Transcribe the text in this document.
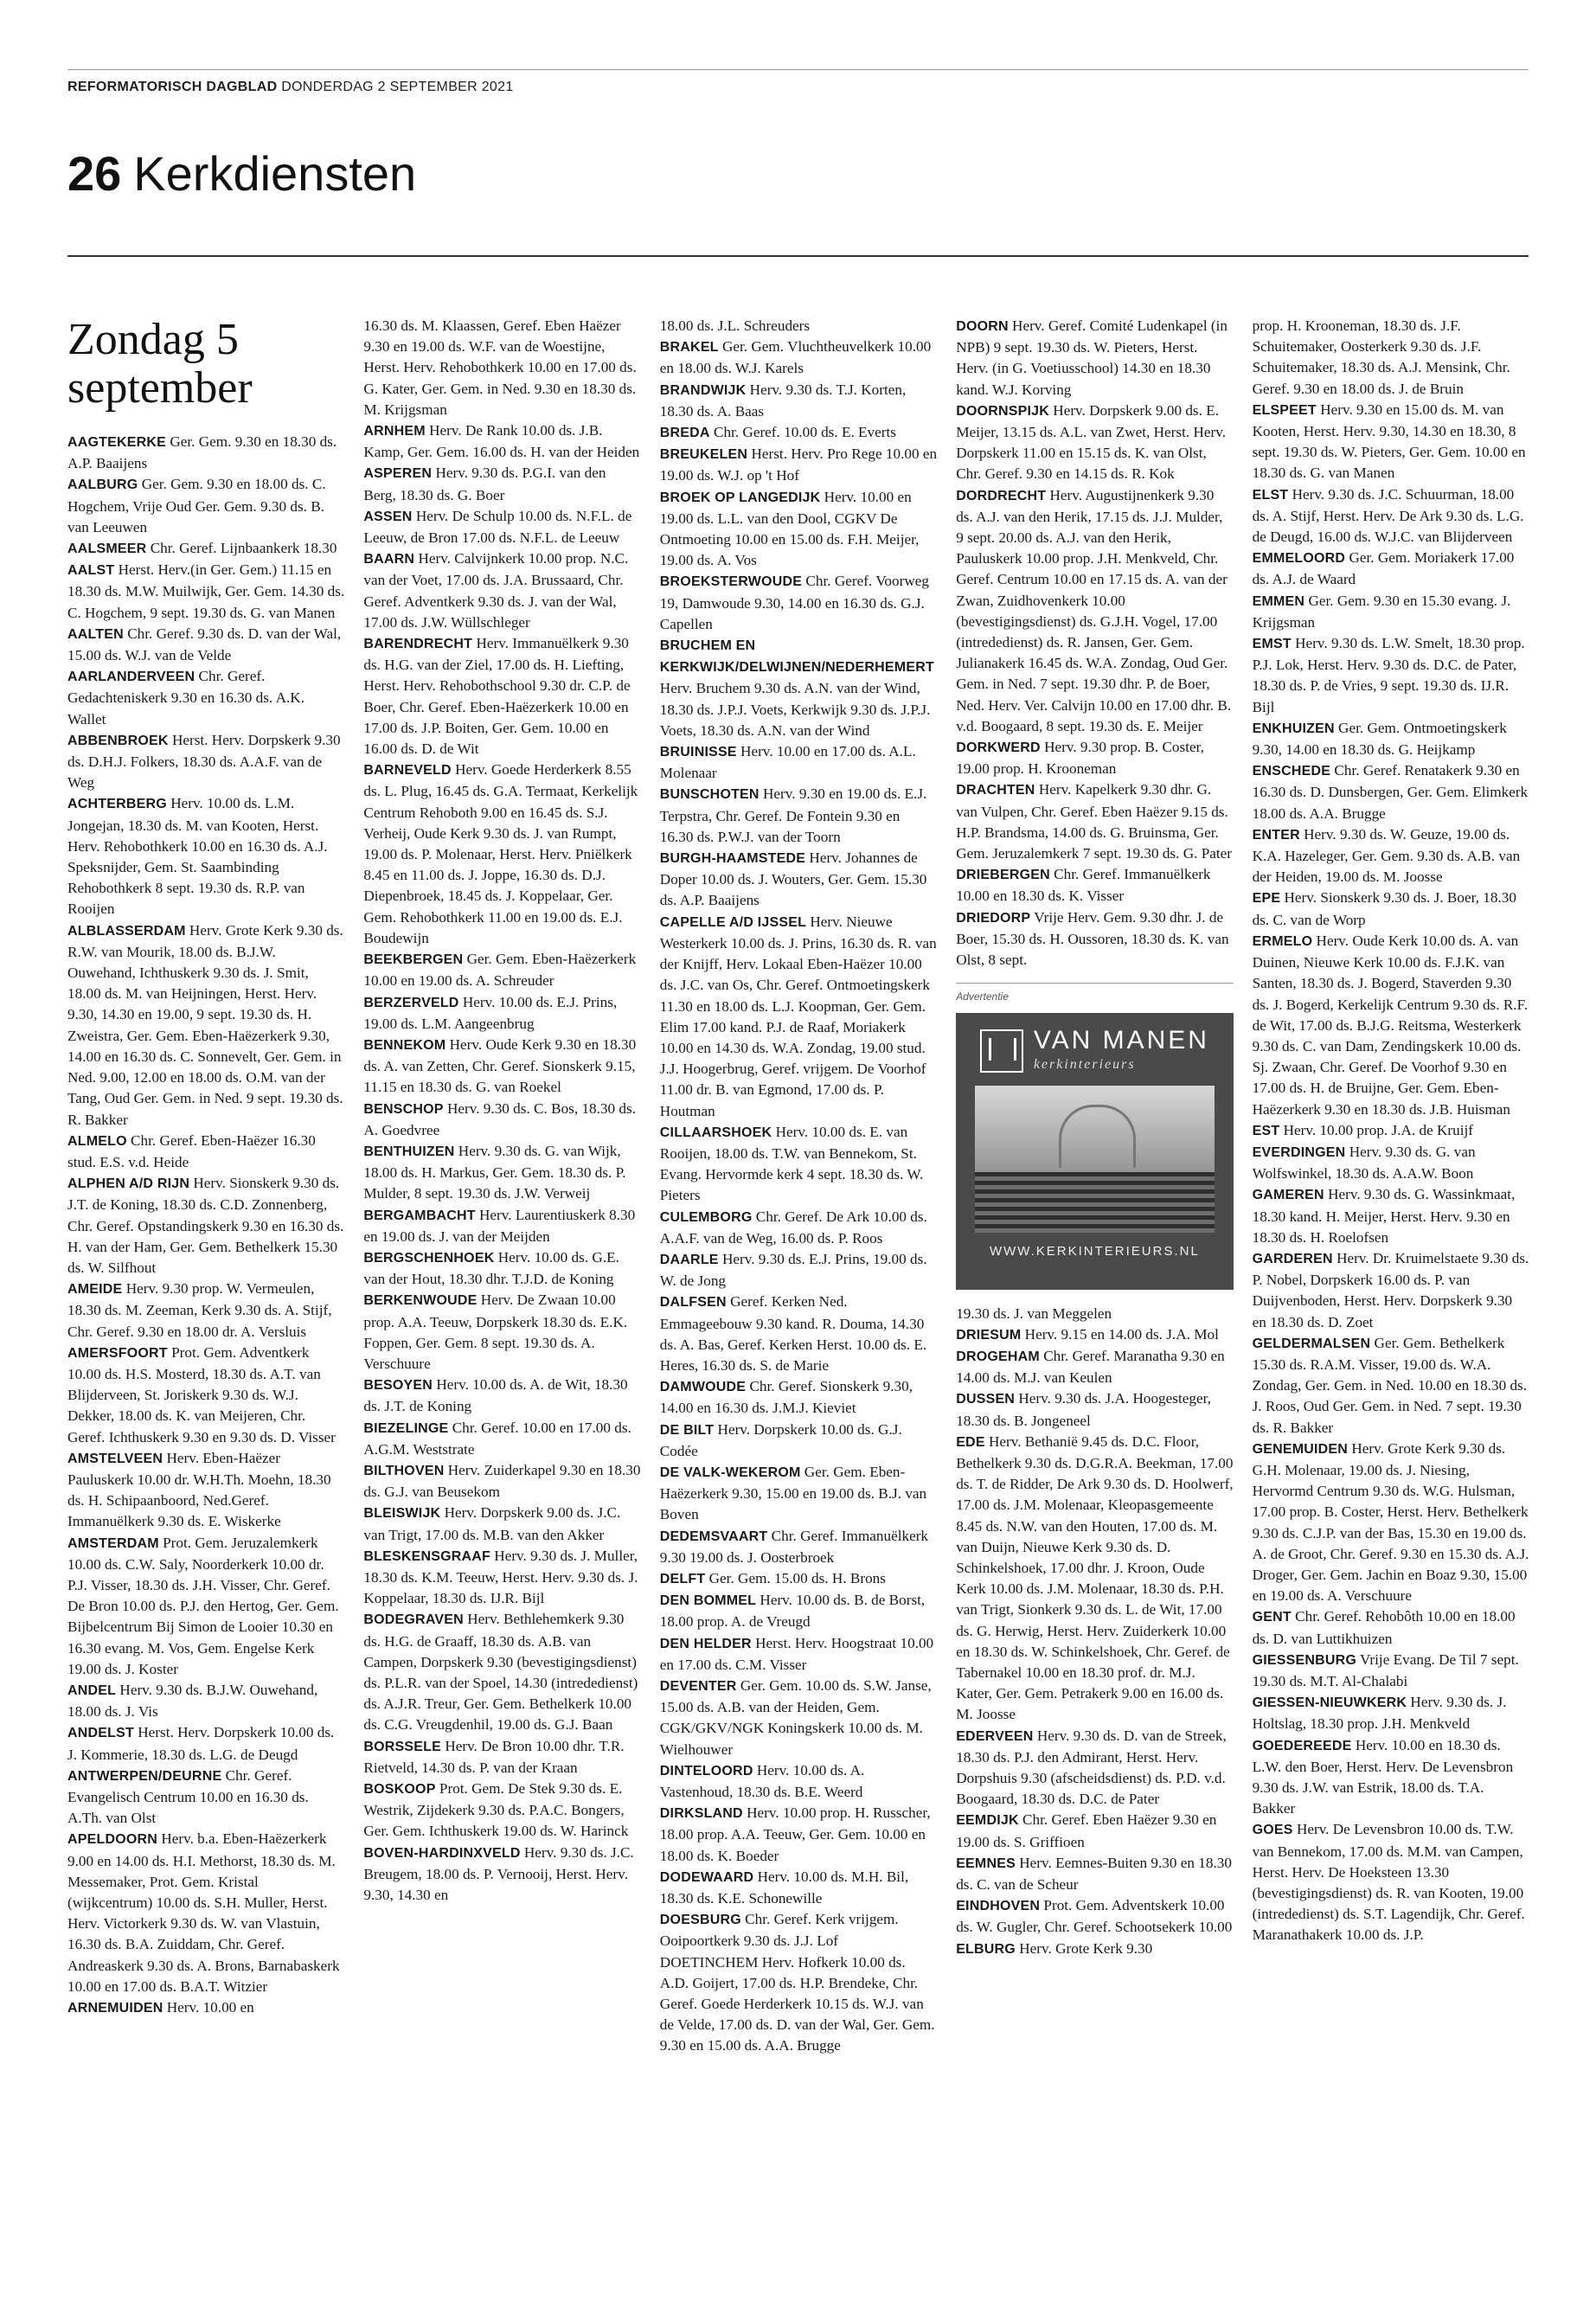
REFORMATORISCH DAGBLAD DONDERDAG 2 SEPTEMBER 2021
26 Kerkdiensten
Zondag 5 september

AAGTEKERKE Ger. Gem. 9.30 en 18.30 ds. A.P. Baaijens

AALBURG Ger. Gem. 9.30 en 18.00 ds. C. Hogchem, Vrije Oud Ger. Gem. 9.30 ds. B. van Leeuwen

AALSMEER Chr. Geref. Lijnbaankerk 18.30

AALST Herst. Herv.(in Ger. Gem.) 11.15 en 18.30 ds. M.W. Muilwijk, Ger. Gem. 14.30 ds. C. Hogchem, 9 sept. 19.30 ds. G. van Manen

AALTEN Chr. Geref. 9.30 ds. D. van der Wal, 15.00 ds. W.J. van de Velde

AARLANDERVEEN Chr. Geref. Gedachteniskerk 9.30 en 16.30 ds. A.K. Wallet

ABBENBROEK Herst. Herv. Dorpskerk 9.30 ds. D.H.J. Folkers, 18.30 ds. A.A.F. van de Weg

ACHTERBERG Herv. 10.00 ds. L.M. Jongejan, 18.30 ds. M. van Kooten, Herst. Herv. Rehobothkerk 10.00 en 16.30 ds. A.J. Speksnijder, Gem. St. Saambinding Rehobothkerk 8 sept. 19.30 ds. R.P. van Rooijen

ALBLASSERDAM Herv. Grote Kerk 9.30 ds. R.W. van Mourik, 18.00 ds. B.J.W. Ouwehand, Ichthuskerk 9.30 ds. J. Smit, 18.00 ds. M. van Heijningen, Herst. Herv. 9.30, 14.30 en 19.00, 9 sept. 19.30 ds. H. Zweistra, Ger. Gem. Eben-Haëzerkerk 9.30, 14.00 en 16.30 ds. C. Sonnevelt, Ger. Gem. in Ned. 9.00, 12.00 en 18.00 ds. O.M. van der Tang, Oud Ger. Gem. in Ned. 9 sept. 19.30 ds. R. Bakker

ALMELO Chr. Geref. Eben-Haëzer 16.30 stud. E.S. v.d. Heide

ALPHEN A/D RIJN Herv. Sionskerk 9.30 ds. J.T. de Koning, 18.30 ds. C.D. Zonnenberg, Chr. Geref. Opstandingskerk 9.30 en 16.30 ds. H. van der Ham, Ger. Gem. Bethelkerk 15.30 ds. W. Silfhout

AMEIDE Herv. 9.30 prop. W. Vermeulen, 18.30 ds. M. Zeeman, Kerk 9.30 ds. A. Stijf, Chr. Geref. 9.30 en 18.00 dr. A. Versluis

AMERSFOORT Prot. Gem. Adventkerk 10.00 ds. H.S. Mosterd, 18.30 ds. A.T. van Blijderveen, St. Joriskerk 9.30 ds. W.J. Dekker, 18.00 ds. K. van Meijeren, Chr. Geref. Ichthuskerk 9.30 en 9.30 ds. D. Visser

AMSTELVEEN Herv. Eben-Haëzer Pauluskerk 10.00 dr. W.H.Th. Moehn, 18.30 ds. H. Schipaanboord, Ned.Geref. Immanuëlkerk 9.30 ds. E. Wiskerke

AMSTERDAM Prot. Gem. Jeruzalemkerk 10.00 ds. C.W. Saly, Noorderkerk 10.00 dr. P.J. Visser, 18.30 ds. J.H. Visser, Chr. Geref. De Bron 10.00 ds. P.J. den Hertog, Ger. Gem. Bijbelcentrum Bij Simon de Looier 10.30 en 16.30 evang. M. Vos, Gem. Engelse Kerk 19.00 ds. J. Koster

ANDEL Herv. 9.30 ds. B.J.W. Ouwehand, 18.00 ds. J. Vis

ANDELST Herst. Herv. Dorpskerk 10.00 ds. J. Kommerie, 18.30 ds. L.G. de Deugd

ANTWERPEN/DEURNE Chr. Geref. Evangelisch Centrum 10.00 en 16.30 ds. A.Th. van Olst

APELDOORN Herv. b.a. Eben-Haëzerkerk 9.00 en 14.00 ds. H.I. Methorst, 18.30 ds. M. Messemaker, Prot. Gem. Kristal (wijkcentrum) 10.00 ds. S.H. Muller, Herst. Herv. Victorkerk 9.30 ds. W. van Vlastuin, 16.30 ds. B.A. Zuiddam, Chr. Geref. Andreaskerk 9.30 ds. A. Brons, Barnabaskerk 10.00 en 17.00 ds. B.A.T. Witzier

ARNEMUIDEN Herv. 10.00 en

16.30 ds. M. Klaassen, Geref. Eben Haëzer 9.30 en 19.00 ds. W.F. van de Woestijne, Herst. Herv. Rehobothkerk 10.00 en 17.00 ds. G. Kater, Ger. Gem. in Ned. 9.30 en 18.30 ds. M. Krijgsman

ARNHEM Herv. De Rank 10.00 ds. J.B. Kamp, Ger. Gem. 16.00 ds. H. van der Heiden

ASPEREN Herv. 9.30 ds. P.G.I. van den Berg, 18.30 ds. G. Boer

ASSEN Herv. De Schulp 10.00 ds. N.F.L. de Leeuw, de Bron 17.00 ds. N.F.L. de Leeuw

BAARN Herv. Calvijnkerk 10.00 prop. N.C. van der Voet, 17.00 ds. J.A. Brussaard, Chr. Geref. Adventkerk 9.30 ds. J. van der Wal, 17.00 ds. J.W. Wüllschleger

BARENDRECHT Herv. Immanuëlkerk 9.30 ds. H.G. van der Ziel, 17.00 ds. H. Liefting, Herst. Herv. Rehobothschool 9.30 dr. C.P. de Boer, Chr. Geref. Eben-Haëzerkerk 10.00 en 17.00 ds. J.P. Boiten, Ger. Gem. 10.00 en 16.00 ds. D. de Wit

BARNEVELD Herv. Goede Herderkerk 8.55 ds. L. Plug, 16.45 ds. G.A. Termaat, Kerkelijk Centrum Rehoboth 9.00 en 16.45 ds. S.J. Verheij, Oude Kerk 9.30 ds. J. van Rumpt, 19.00 ds. P. Molenaar, Herst. Herv. Pniëlkerk 8.45 en 11.00 ds. J. Joppe, 16.30 ds. D.J. Diepenbroek, 18.45 ds. J. Koppelaar, Ger. Gem. Rehobothkerk 11.00 en 19.00 ds. E.J. Boudewijn

BEEKBERGEN Ger. Gem. Eben-Haëzerkerk 10.00 en 19.00 ds. A. Schreuder

BERZERVELD Herv. 10.00 ds. E.J. Prins, 19.00 ds. L.M. Aangeenbrug

BENNEKOM Herv. Oude Kerk 9.30 en 18.30 ds. A. van Zetten, Chr. Geref. Sionskerk 9.15, 11.15 en 18.30 ds. G. van Roekel

BENSCHOP Herv. 9.30 ds. C. Bos, 18.30 ds. A. Goedvree

BENTHUIZEN Herv. 9.30 ds. G. van Wijk, 18.00 ds. H. Markus, Ger. Gem. 18.30 ds. P. Mulder, 8 sept. 19.30 ds. J.W. Verweij

BERGAMBACHT Herv. Laurentiuskerk 8.30 en 19.00 ds. J. van der Meijden

BERGSCHENHOEK Herv. 10.00 ds. G.E. van der Hout, 18.30 dhr. T.J.D. de Koning

BERKENWOUDE Herv. De Zwaan 10.00 prop. A.A. Teeuw, Dorpskerk 18.30 ds. E.K. Foppen, Ger. Gem. 8 sept. 19.30 ds. A. Verschuure

BESOYEN Herv. 10.00 ds. A. de Wit, 18.30 ds. J.T. de Koning

BIEZELINGE Chr. Geref. 10.00 en 17.00 ds. A.G.M. Weststrate

BILTHOVEN Herv. Zuiderkapel 9.30 en 18.30 ds. G.J. van Beusekom

BLEISWIJK Herv. Dorpskerk 9.00 ds. J.C. van Trigt, 17.00 ds. M.B. van den Akker

BLESKENSGRAAF Herv. 9.30 ds. J. Muller, 18.30 ds. K.M. Teeuw, Herst. Herv. 9.30 ds. J. Koppelaar, 18.30 ds. IJ.R. Bijl

BODEGRAVEN Herv. Bethlehemkerk 9.30 ds. H.G. de Graaff, 18.30 ds. A.B. van Campen, Dorpskerk 9.30 (bevestigingsdienst) ds. P.L.R. van der Spoel, 14.30 (intrededienst) ds. A.J.R. Treur, Ger. Gem. Bethelkerk 10.00 ds. C.G. Vreugdenhil, 19.00 ds. G.J. Baan

BORSSELE Herv. De Bron 10.00 dhr. T.R. Rietveld, 14.30 ds. P. van der Kraan

BOSKOOP Prot. Gem. De Stek 9.30 ds. E. Westrik, Zijdekerk 9.30 ds. P.A.C. Bongers, Ger. Gem. Ichthuskerk 19.00 ds. W. Harinck

BOVEN-HARDINXVELD Herv. 9.30 ds. J.C. Breugem, 18.00 ds. P. Vernooij, Herst. Herv. 9.30, 14.30 en

18.00 ds. J.L. Schreuders

BRAKEL Ger. Gem. Vluchtheuvelkerk 10.00 en 18.00 ds. W.J. Karels

BRANDWIJK Herv. 9.30 ds. T.J. Korten, 18.30 ds. A. Baas

BREDA Chr. Geref. 10.00 ds. E. Everts

BREUKELEN Herst. Herv. Pro Rege 10.00 en 19.00 ds. W.J. op 't Hof

BROEK OP LANGEDIJK Herv. 10.00 en 19.00 ds. L.L. van den Dool, CGKV De Ontmoeting 10.00 en 15.00 ds. F.H. Meijer, 19.00 ds. A. Vos

BROEKSTERWOUDE Chr. Geref. Voorweg 19, Damwoude 9.30, 14.00 en 16.30 ds. G.J. Capellen

BRUCHEM EN KERKWIJK/DELWIJNEN/NEDERHEMERT Herv. Bruchem 9.30 ds. A.N. van der Wind, 18.30 ds. J.P.J. Voets, Kerkwijk 9.30 ds. J.P.J. Voets, 18.30 ds. A.N. van der Wind

BRUINISSE Herv. 10.00 en 17.00 ds. A.L. Molenaar

BUNSCHOTEN Herv. 9.30 en 19.00 ds. E.J. Terpstra, Chr. Geref. De Fontein 9.30 en 16.30 ds. P.W.J. van der Toorn

BURGH-HAAMSTEDE Herv. Johannes de Doper 10.00 ds. J. Wouters, Ger. Gem. 15.30 ds. A.P. Baaijens

CAPELLE A/D IJSSEL Herv. Nieuwe Westerkerk 10.00 ds. J. Prins, 16.30 ds. R. van der Knijff, Herv. Lokaal Eben-Haëzer 10.00 ds. J.C. van Os, Chr. Geref. Ontmoetingskerk 11.30 en 18.00 ds. L.J. Koopman, Ger. Gem. Elim 17.00 kand. P.J. de Raaf, Moriakerk 10.00 en 14.30 ds. W.A. Zondag, 19.00 stud. J.J. Hoogerbrug, Geref. vrijgem. De Voorhof 11.00 dr. B. van Egmond, 17.00 ds. P. Houtman

CILLAARSHOEK Herv. 10.00 ds. E. van Rooijen, 18.00 ds. T.W. van Bennekom, St. Evang. Hervormde kerk 4 sept. 18.30 ds. W. Pieters

CULEMBORG Chr. Geref. De Ark 10.00 ds. A.A.F. van de Weg, 16.00 ds. P. Roos

DAARLE Herv. 9.30 ds. E.J. Prins, 19.00 ds. W. de Jong

DALFSEN Geref. Kerken Ned. Emmageebouw 9.30 kand. R. Douma, 14.30 ds. A. Bas, Geref. Kerken Herst. 10.00 ds. E. Heres, 16.30 ds. S. de Marie

DAMWOUDE Chr. Geref. Sionskerk 9.30, 14.00 en 16.30 ds. J.M.J. Kieviet

DE BILT Herv. Dorpskerk 10.00 ds. G.J. Codée

DE VALK-WEKEROM Ger. Gem. Eben-Haëzerkerk 9.30, 15.00 en 19.00 ds. B.J. van Boven

DEDEMSVAART Chr. Geref. Immanuëlkerk 9.30 19.00 ds. J. Oosterbroek

DELFT Ger. Gem. 15.00 ds. H. Brons

DEN BOMMEL Herv. 10.00 ds. B. de Borst, 18.00 prop. A. de Vreugd

DEN HELDER Herst. Herv. Hoogstraat 10.00 en 17.00 ds. C.M. Visser

DEVENTER Ger. Gem. 10.00 ds. S.W. Janse, 15.00 ds. A.B. van der Heiden, Gem. CGK/GKV/NGK Koningskerk 10.00 ds. M. Wielhouwer

DINTELOORD Herv. 10.00 ds. A. Vastenhoud, 18.30 ds. B.E. Weerd

DIRKSLAND Herv. 10.00 prop. H. Russcher, 18.00 prop. A.A. Teeuw, Ger. Gem. 10.00 en 18.00 ds. K. Boeder

DODEWAARD Herv. 10.00 ds. M.H. Bil, 18.30 ds. K.E. Schonewille

DOESBURG Chr. Geref. Kerk vrijgem. Ooipoortkerk 9.30 ds. J.J. Lof DOETINCHEM Herv. Hofkerk 10.00 ds. A.D. Goijert, 17.00 ds. H.P. Brendeke, Chr. Geref. Goede Herderkerk 10.15 ds. W.J. van de Velde, 17.00 ds. D. van der Wal, Ger. Gem. 9.30 en 15.00 ds. A.A. Brugge

DOORN Herv. Geref. Comité Ludenkapel (in NPB) 9 sept. 19.30 ds. W. Pieters, Herst. Herv. (in G. Voetiusschool) 14.30 en 18.30 kand. W.J. Korving

DOORNSPIJK Herv. Dorpskerk 9.00 ds. E. Meijer, 13.15 ds. A.L. van Zwet, Herst. Herv. Dorpskerk 11.00 en 15.15 ds. K. van Olst, Chr. Geref. 9.30 en 14.15 ds. R. Kok

DORDRECHT Herv. Augustijnenkerk 9.30 ds. A.J. van den Herik, 17.15 ds. J.J. Mulder, 9 sept. 20.00 ds. A.J. van den Herik, Pauluskerk 10.00 prop. J.H. Menkveld, Chr. Geref. Centrum 10.00 en 17.15 ds. A. van der Zwan, Zuidhovenkerk 10.00 (bevestigingsdienst) ds. G.J.H. Vogel, 17.00 (intrededienst) ds. R. Jansen, Ger. Gem. Julianakerk 16.45 ds. W.A. Zondag, Oud Ger. Gem. in Ned. 7 sept. 19.30 dhr. P. de Boer, Ned. Herv. Ver. Calvijn 10.00 en 17.00 dhr. B. v.d. Boogaard, 8 sept. 19.30 ds. E. Meijer

DORKWERD Herv. 9.30 prop. B. Coster, 19.00 prop. H. Krooneman

DRACHTEN Herv. Kapelkerk 9.30 dhr. G. van Vulpen, Chr. Geref. Eben Haëzer 9.15 ds. H.P. Brandsma, 14.00 ds. G. Bruinsma, Ger. Gem. Jeruzalemkerk 7 sept. 19.30 ds. G. Pater

DRIEBERGEN Chr. Geref. Immanuëlkerk 10.00 en 18.30 ds. K. Visser

DRIEDORP Vrije Herv. Gem. 9.30 dhr. J. de Boer, 15.30 ds. H. Oussoren, 18.30 ds. K. van Olst, 8 sept.

Advertentie
VAN MANEN
kerkinterieurs
WWW.KERKINTERIEURS.NL

19.30 ds. J. van Meggelen

DRIESUM Herv. 9.15 en 14.00 ds. J.A. Mol

DROGEHAM Chr. Geref. Maranatha 9.30 en 14.00 ds. M.J. van Keulen

DUSSEN Herv. 9.30 ds. J.A. Hoogesteger, 18.30 ds. B. Jongeneel

EDE Herv. Bethanië 9.45 ds. D.C. Floor, Bethelkerk 9.30 ds. D.G.R.A. Beekman, 17.00 ds. T. de Ridder, De Ark 9.30 ds. D. Hoolwerf, 17.00 ds. J.M. Molenaar, Kleopasgemeente 8.45 ds. N.W. van den Houten, 17.00 ds. M. van Duijn, Nieuwe Kerk 9.30 ds. D. Schinkelshoek, 17.00 dhr. J. Kroon, Oude Kerk 10.00 ds. J.M. Molenaar, 18.30 ds. P.H. van Trigt, Sionkerk 9.30 ds. L. de Wit, 17.00 ds. G. Herwig, Herst. Herv. Zuiderkerk 10.00 en 18.30 ds. W. Schinkelshoek, Chr. Geref. de Tabernakel 10.00 en 18.30 prof. dr. M.J. Kater, Ger. Gem. Petrakerk 9.00 en 16.00 ds. M. Joosse

EDERVEEN Herv. 9.30 ds. D. van de Streek, 18.30 ds. P.J. den Admirant, Herst. Herv. Dorpshuis 9.30 (afscheidsdienst) ds. P.D. v.d. Boogaard, 18.30 ds. D.C. de Pater

EEMDIJK Chr. Geref. Eben Haëzer 9.30 en 19.00 ds. S. Griffioen

EEMNES Herv. Eemnes-Buiten 9.30 en 18.30 ds. C. van de Scheur

EINDHOVEN Prot. Gem. Adventskerk 10.00 ds. W. Gugler, Chr. Geref. Schootsekerk 10.00

ELBURG Herv. Grote Kerk 9.30

prop. H. Krooneman, 18.30 ds. J.F. Schuitemaker, Oosterkerk 9.30 ds. J.F. Schuitemaker, 18.30 ds. A.J. Mensink, Chr. Geref. 9.30 en 18.00 ds. J. de Bruin

ELSPEET Herv. 9.30 en 15.00 ds. M. van Kooten, Herst. Herv. 9.30, 14.30 en 18.30, 8 sept. 19.30 ds. W. Pieters, Ger. Gem. 10.00 en 18.30 ds. G. van Manen

ELST Herv. 9.30 ds. J.C. Schuurman, 18.00 ds. A. Stijf, Herst. Herv. De Ark 9.30 ds. L.G. de Deugd, 16.00 ds. W.J.C. van Blijderveen

EMMELOORD Ger. Gem. Moriakerk 17.00 ds. A.J. de Waard

EMMEN Ger. Gem. 9.30 en 15.30 evang. J. Krijgsman

EMST Herv. 9.30 ds. L.W. Smelt, 18.30 prop. P.J. Lok, Herst. Herv. 9.30 ds. D.C. de Pater, 18.30 ds. P. de Vries, 9 sept. 19.30 ds. IJ.R. Bijl

ENKHUIZEN Ger. Gem. Ontmoetingskerk 9.30, 14.00 en 18.30 ds. G. Heijkamp

ENSCHEDE Chr. Geref. Renatakerk 9.30 en 16.30 ds. D. Dunsbergen, Ger. Gem. Elimkerk 18.00 ds. A.A. Brugge

ENTER Herv. 9.30 ds. W. Geuze, 19.00 ds. K.A. Hazeleger, Ger. Gem. 9.30 ds. A.B. van der Heiden, 19.00 ds. M. Joosse

EPE Herv. Sionskerk 9.30 ds. J. Boer, 18.30 ds. C. van de Worp

ERMELO Herv. Oude Kerk 10.00 ds. A. van Duinen, Nieuwe Kerk 10.00 ds. F.J.K. van Santen, 18.30 ds. J. Bogerd, Staverden 9.30 ds. J. Bogerd, Kerkelijk Centrum 9.30 ds. R.F. de Wit, 17.00 ds. B.J.G. Reitsma, Westerkerk 9.30 ds. C. van Dam, Zendingskerk 10.00 ds. Sj. Zwaan, Chr. Geref. De Voorhof 9.30 en 17.00 ds. H. de Bruijne, Ger. Gem. Eben-Haëzerkerk 9.30 en 18.30 ds. J.B. Huisman

EST Herv. 10.00 prop. J.A. de Kruijf

EVERDINGEN Herv. 9.30 ds. G. van Wolfswinkel, 18.30 ds. A.A.W. Boon

GAMEREN Herv. 9.30 ds. G. Wassinkmaat, 18.30 kand. H. Meijer, Herst. Herv. 9.30 en 18.30 ds. H. Roelofsen

GARDEREN Herv. Dr. Kruimelstaete 9.30 ds. P. Nobel, Dorpskerk 16.00 ds. P. van Duijvenboden, Herst. Herv. Dorpskerk 9.30 en 18.30 ds. D. Zoet

GELDERMALSEN Ger. Gem. Bethelkerk 15.30 ds. R.A.M. Visser, 19.00 ds. W.A. Zondag, Ger. Gem. in Ned. 10.00 en 18.30 ds. J. Roos, Oud Ger. Gem. in Ned. 7 sept. 19.30 ds. R. Bakker

GENEMUIDEN Herv. Grote Kerk 9.30 ds. G.H. Molenaar, 19.00 ds. J. Niesing, Hervormd Centrum 9.30 ds. W.G. Hulsman, 17.00 prop. B. Coster, Herst. Herv. Bethelkerk 9.30 ds. C.J.P. van der Bas, 15.30 en 19.00 ds. A. de Groot, Chr. Geref. 9.30 en 15.30 ds. A.J. Droger, Ger. Gem. Jachin en Boaz 9.30, 15.00 en 19.00 ds. A. Verschuure

GENT Chr. Geref. Rehobôth 10.00 en 18.00 ds. D. van Luttikhuizen

GIESSENBURG Vrije Evang. De Til 7 sept. 19.30 ds. M.T. Al-Chalabi

GIESSEN-NIEUWKERK Herv. 9.30 ds. J. Holtslag, 18.30 prop. J.H. Menkveld

GOEDEREEDE Herv. 10.00 en 18.30 ds. L.W. den Boer, Herst. Herv. De Levensbron 9.30 ds. J.W. van Estrik, 18.00 ds. T.A. Bakker

GOES Herv. De Levensbron 10.00 ds. T.W. van Bennekom, 17.00 ds. M.M. van Campen, Herst. Herv. De Hoeksteen 13.30 (bevestigingsdienst) ds. R. van Kooten, 19.00 (intrededienst) ds. S.T. Lagendijk, Chr. Geref. Maranathakerk 10.00 ds. J.P.
